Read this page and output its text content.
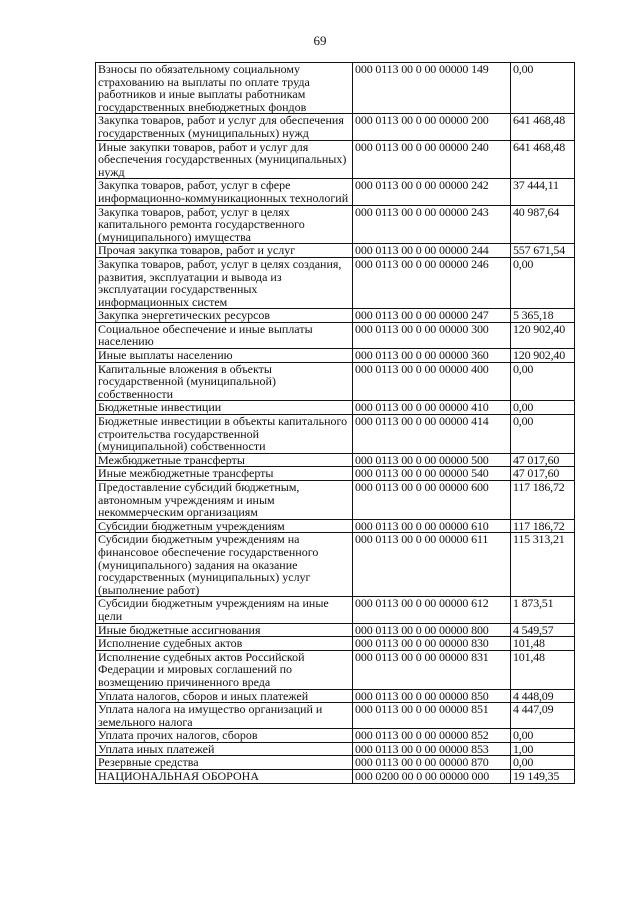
69
Взносы по обязательному социальному страхованию на выплаты по оплате труда работников и иные выплаты работникам государственных внебюджетных фондов	000 0113 00 0 00 00000 149	0,00
Закупка товаров, работ и услуг для обеспечения государственных (муниципальных) нужд	000 0113 00 0 00 00000 200	641 468,48
Иные закупки товаров, работ и услуг для обеспечения государственных (муниципальных) нужд	000 0113 00 0 00 00000 240	641 468,48
Закупка товаров, работ, услуг в сфере информационно-коммуникационных технологий	000 0113 00 0 00 00000 242	37 444,11
Закупка товаров, работ, услуг в целях капитального ремонта государственного (муниципального) имущества	000 0113 00 0 00 00000 243	40 987,64
Прочая закупка товаров, работ и услуг	000 0113 00 0 00 00000 244	557 671,54
Закупка товаров, работ, услуг в целях создания, развития, эксплуатации и вывода из эксплуатации государственных информационных систем	000 0113 00 0 00 00000 246	0,00
Закупка энергетических ресурсов	000 0113 00 0 00 00000 247	5 365,18
Социальное обеспечение и иные выплаты населению	000 0113 00 0 00 00000 300	120 902,40
Иные выплаты населению	000 0113 00 0 00 00000 360	120 902,40
Капитальные вложения в объекты государственной (муниципальной) собственности	000 0113 00 0 00 00000 400	0,00
Бюджетные инвестиции	000 0113 00 0 00 00000 410	0,00
Бюджетные инвестиции в объекты капитального строительства государственной (муниципальной) собственности	000 0113 00 0 00 00000 414	0,00
Межбюджетные трансферты	000 0113 00 0 00 00000 500	47 017,60
Иные межбюджетные трансферты	000 0113 00 0 00 00000 540	47 017,60
Предоставление субсидий бюджетным, автономным учреждениям и иным некоммерческим организациям	000 0113 00 0 00 00000 600	117 186,72
Субсидии бюджетным учреждениям	000 0113 00 0 00 00000 610	117 186,72
Субсидии бюджетным учреждениям на финансовое обеспечение государственного (муниципального) задания на оказание государственных (муниципальных) услуг (выполнение работ)	000 0113 00 0 00 00000 611	115 313,21
Субсидии бюджетным учреждениям на иные цели	000 0113 00 0 00 00000 612	1 873,51
Иные бюджетные ассигнования	000 0113 00 0 00 00000 800	4 549,57
Исполнение судебных актов	000 0113 00 0 00 00000 830	101,48
Исполнение судебных актов Российской Федерации и мировых соглашений по возмещению причиненного вреда	000 0113 00 0 00 00000 831	101,48
Уплата налогов, сборов и иных платежей	000 0113 00 0 00 00000 850	4 448,09
Уплата налога на имущество организаций и земельного налога	000 0113 00 0 00 00000 851	4 447,09
Уплата прочих налогов, сборов	000 0113 00 0 00 00000 852	0,00
Уплата иных платежей	000 0113 00 0 00 00000 853	1,00
Резервные средства	000 0113 00 0 00 00000 870	0,00
НАЦИОНАЛЬНАЯ ОБОРОНА	000 0200 00 0 00 00000 000	19 149,35
